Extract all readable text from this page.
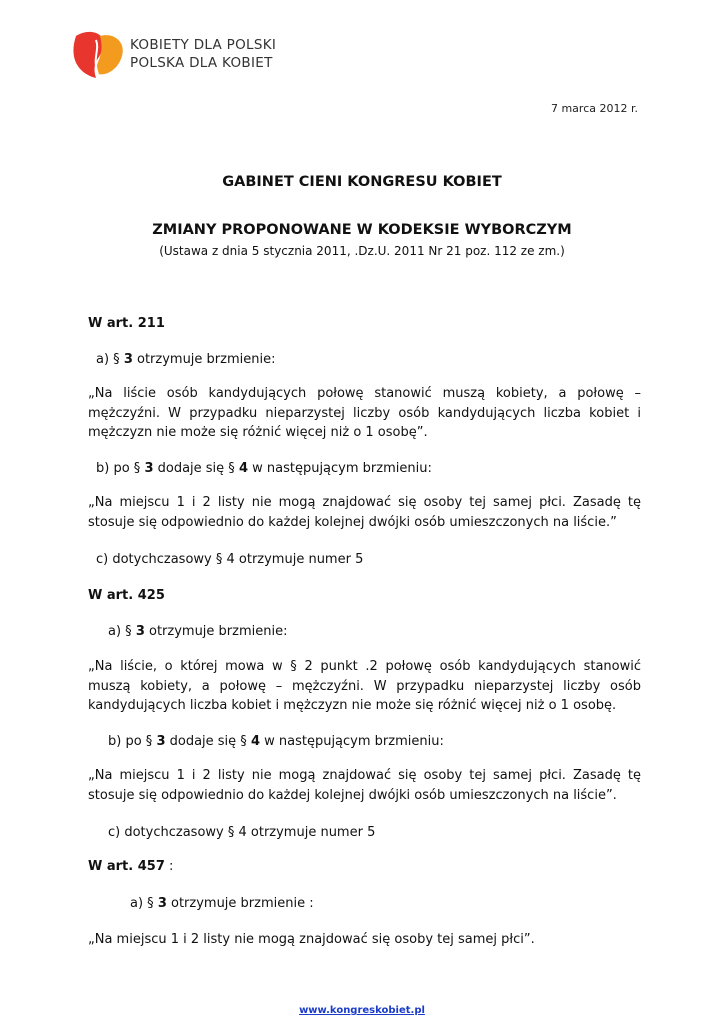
KOBIETY DLA POLSKI
POLSKA DLA KOBIET
7 marca 2012 r.
GABINET CIENI KONGRESU KOBIET
ZMIANY PROPONOWANE W KODEKSIE WYBORCZYM
(Ustawa z dnia 5 stycznia 2011, .Dz.U. 2011 Nr 21 poz. 112 ze zm.)
W art. 211
a) § 3 otrzymuje brzmienie:
„Na liście osób kandydujących połowę stanowić muszą kobiety, a połowę – mężczyźni. W przypadku nieparzystej liczby osób kandydujących liczba kobiet i mężczyzn nie może się różnić więcej niż o 1 osobę”.
b) po § 3 dodaje się § 4 w następującym brzmieniu:
„Na miejscu 1 i 2 listy nie mogą znajdować się osoby tej samej płci. Zasadę tę stosuje się odpowiednio do każdej kolejnej dwójki osób umieszczonych na liście.”
c) dotychczasowy § 4 otrzymuje numer 5
W art. 425
a) § 3 otrzymuje brzmienie:
„Na liście, o której mowa w § 2 punkt .2 połowę osób kandydujących stanowić muszą kobiety, a połowę – mężczyźni. W przypadku nieparzystej liczby osób kandydujących liczba kobiet i mężczyzn nie może się różnić więcej niż o 1 osobę.
b) po § 3 dodaje się § 4 w następującym brzmieniu:
„Na miejscu 1 i 2 listy nie mogą znajdować się osoby tej samej płci. Zasadę tę stosuje się odpowiednio do każdej kolejnej dwójki osób umieszczonych na liście”.
c) dotychczasowy § 4 otrzymuje numer 5
W art. 457 :
a) § 3 otrzymuje brzmienie :
„Na miejscu 1 i 2 listy nie mogą znajdować się osoby tej samej płci”.
www.kongreskobiet.pl
